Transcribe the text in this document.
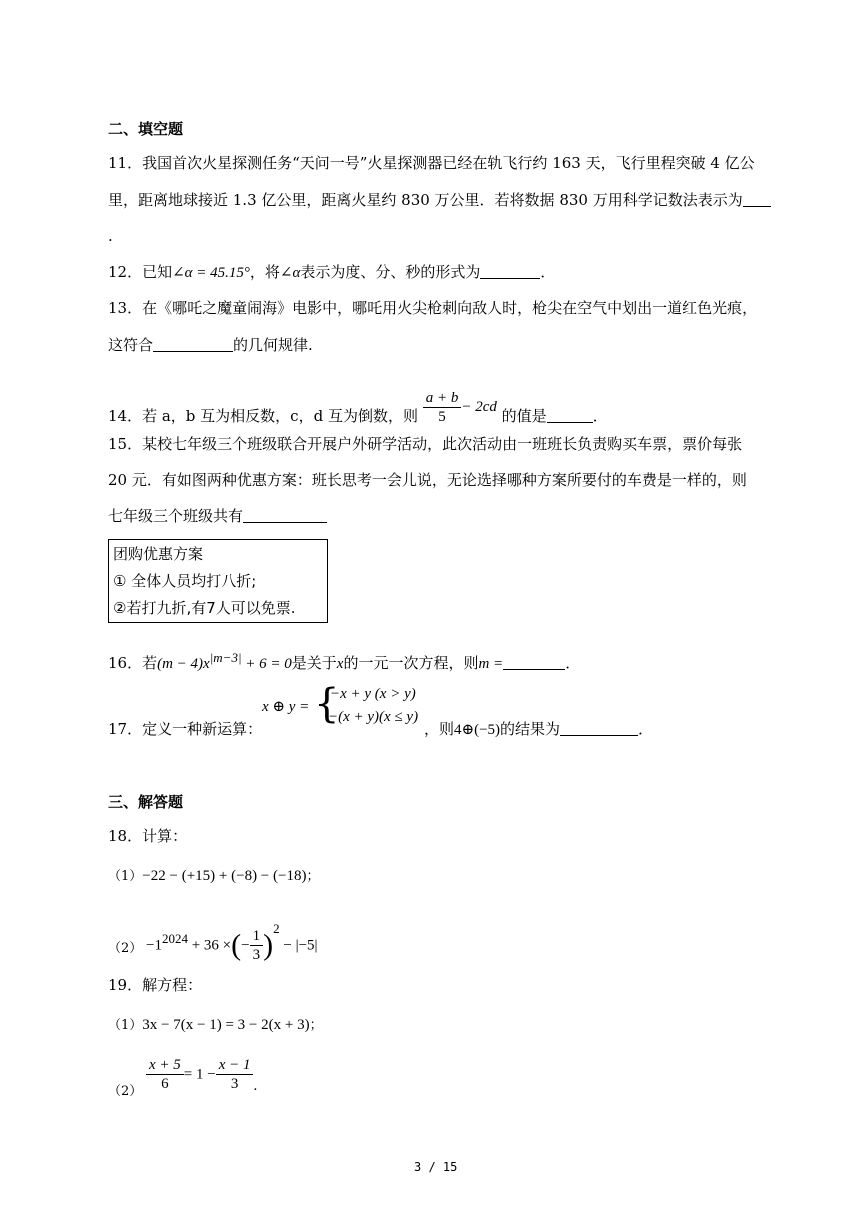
二、填空题
11．我国首次火星探测任务“天问一号”火星探测器已经在轨飞行约 163 天，飞行里程突破 4 亿公
里，距离地球接近 1.3 亿公里，距离火星约 830 万公里．若将数据 830 万用科学记数法表示为
.
12．已知∠α = 45.15°，将∠α表示为度、分、秒的形式为	．
13．在《哪吒之魔童闹海》电影中，哪吒用火尖枪刺向敌人时，枪尖在空气中划出一道红色光痕，
这符合	的几何规律.
14．若 a，b 互为相反数，c，d 互为倒数，则 $\frac{a + b}{5} - 2cd$ 的值是	．
15．某校七年级三个班级联合开展户外研学活动，此次活动由一班班长负责购买车票，票价每张
20 元．有如图两种优惠方案：班长思考一会儿说，无论选择哪种方案所要付的车费是一样的，则
七年级三个班级共有
团购优惠方案
① 全体人员均打八折;
②若打九折,有7人可以免票.
16．若$(m - 4)x^{|m-3|} + 6 = 0$是关于x的一元一次方程，则m =	．
17．定义一种新运算：
x ⊕ y = {
−x + y (x > y)
−(x + y)(x ≤ y)
，则4⊕(−5)的结果为	．
三、解答题
18．计算：
（1）−22 − (+15) + (−8) − (−18)；
$(2) -1^{2024} + 36$ ×(− $\frac{1}{3} )^2 - |-5|$
19．解方程：
（1）3x − 7(x − 1) = 3 − 2(x + 3)；
$(2) \frac{x + 5}{6} = 1 - \frac{x - 1}{3}$ .
3 / 15
